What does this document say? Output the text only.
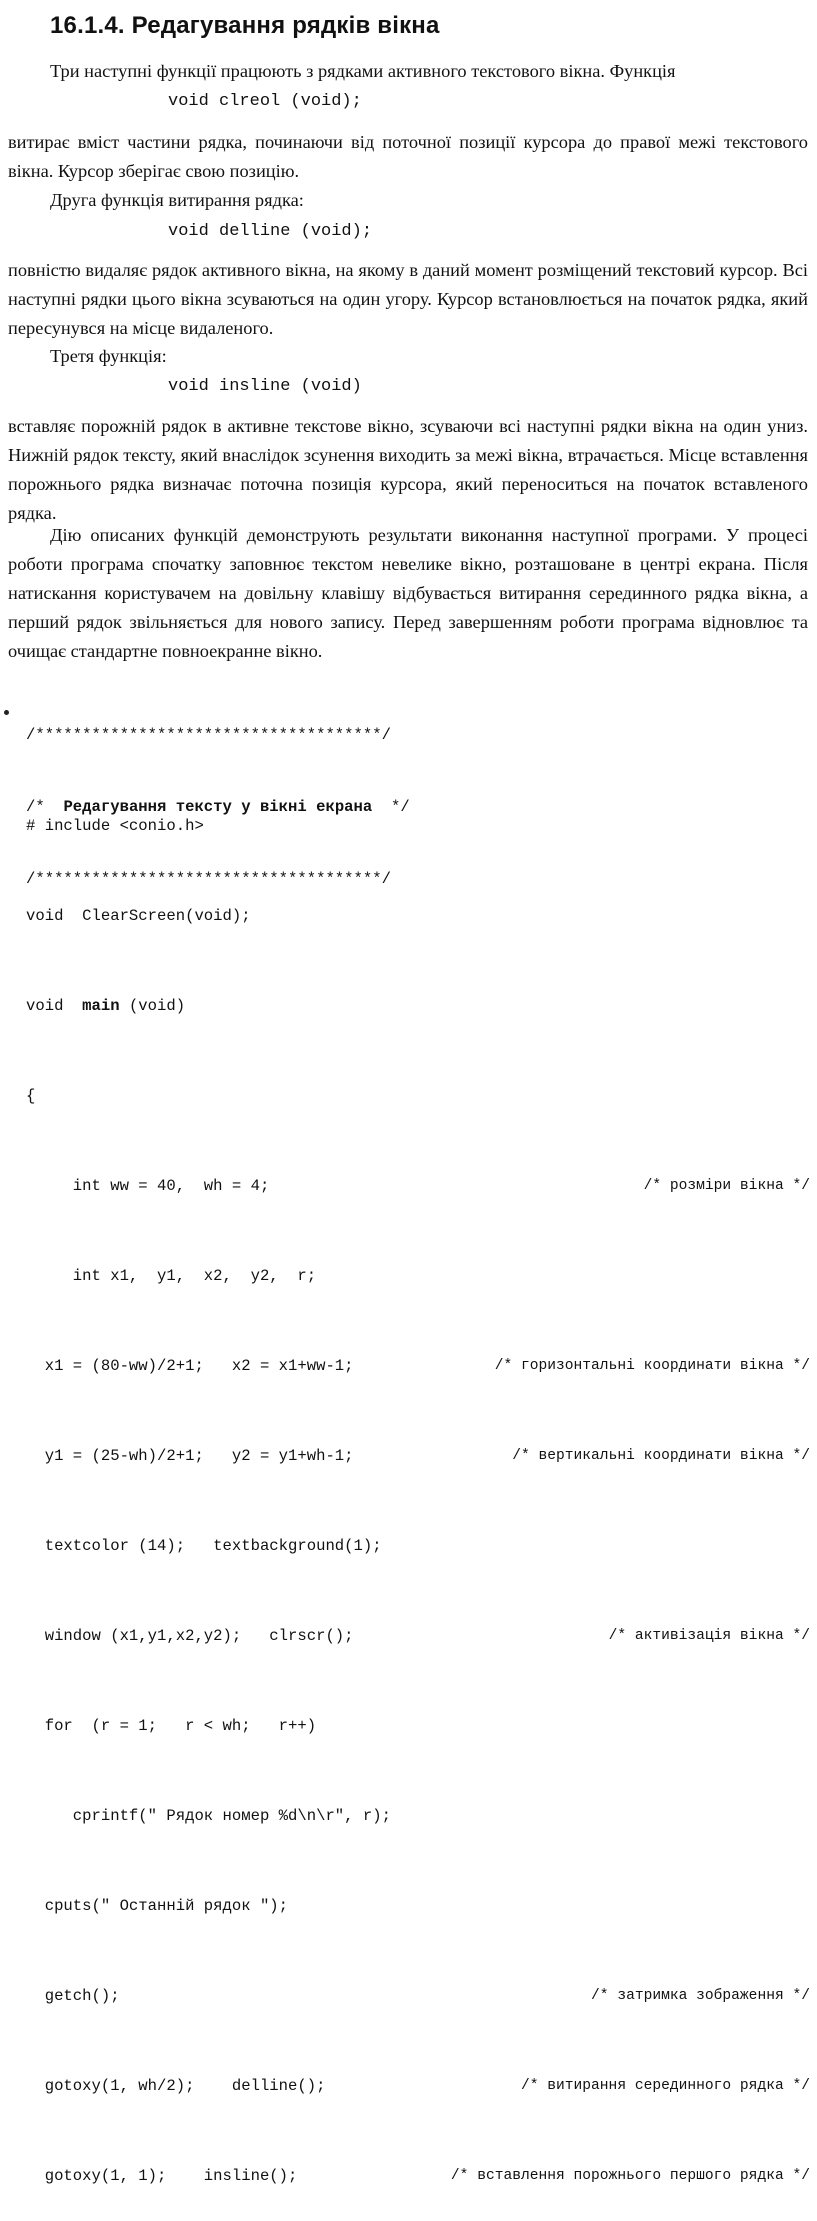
16.1.4. Редагування рядків вікна

Три наступні функції працюють з рядками активного текстового вікна. Функція

void clreol (void);

витирає вміст частини рядка, починаючи від поточної позиції курсора до правої межі текстового вікна. Курсор зберігає свою позицію.

Друга функція витирання рядка:

void delline (void);

повністю видаляє рядок активного вікна, на якому в даний момент розміщений текстовий курсор. Всі наступні рядки цього вікна зсуваються на один угору. Курсор встановлюється на початок рядка, який пересунувся на місце видаленого.

Третя функція:

void insline (void)

вставляє порожній рядок в активне текстове вікно, зсуваючи всі наступні рядки вікна на один униз. Нижній рядок тексту, який внаслідок зсунення виходить за межі вікна, втрачається. Місце вставлення порожнього рядка визначає поточна позиція курсора, який переноситься на початок вставленого рядка.

Дію описаних функцій демонструють результати виконання наступної програми. У процесі роботи програма спочатку заповнює текстом невелике вікно, розташоване в центрі екрана. Після натискання користувачем на довільну клавішу відбувається витирання серединного рядка вікна, а перший рядок звільняється для нового запису. Перед завершенням роботи програма відновлює та очищає стандартне повноекранне вікно.

/*************************************/

/*  Редагування тексту у вікні екрана  */

/*************************************/

# include <conio.h>

void  ClearScreen(void);

void  main (void)

{

int ww = 40,  wh = 4;	/* розміри вікна */

int x1,  y1,  x2,  y2,  r;

x1 = (80-ww)/2+1;   x2 = x1+ww-1;	/* горизонтальні координати вікна */

y1 = (25-wh)/2+1;   y2 = y1+wh-1;	/* вертикальні координати вікна */

textcolor (14);   textbackground(1);

window (x1,y1,x2,y2);   clrscr();	/* активізація вікна */

for  (r = 1;   r < wh;   r++)

cprintf(" Рядок номер %d\n\r", r);

cputs(" Останній рядок ");

getch();	/* затримка зображення */

gotoxy(1, wh/2);    delline();	/* витирання серединного рядка */

gotoxy(1, 1);    insline();	/* вставлення порожнього першого рядка */
